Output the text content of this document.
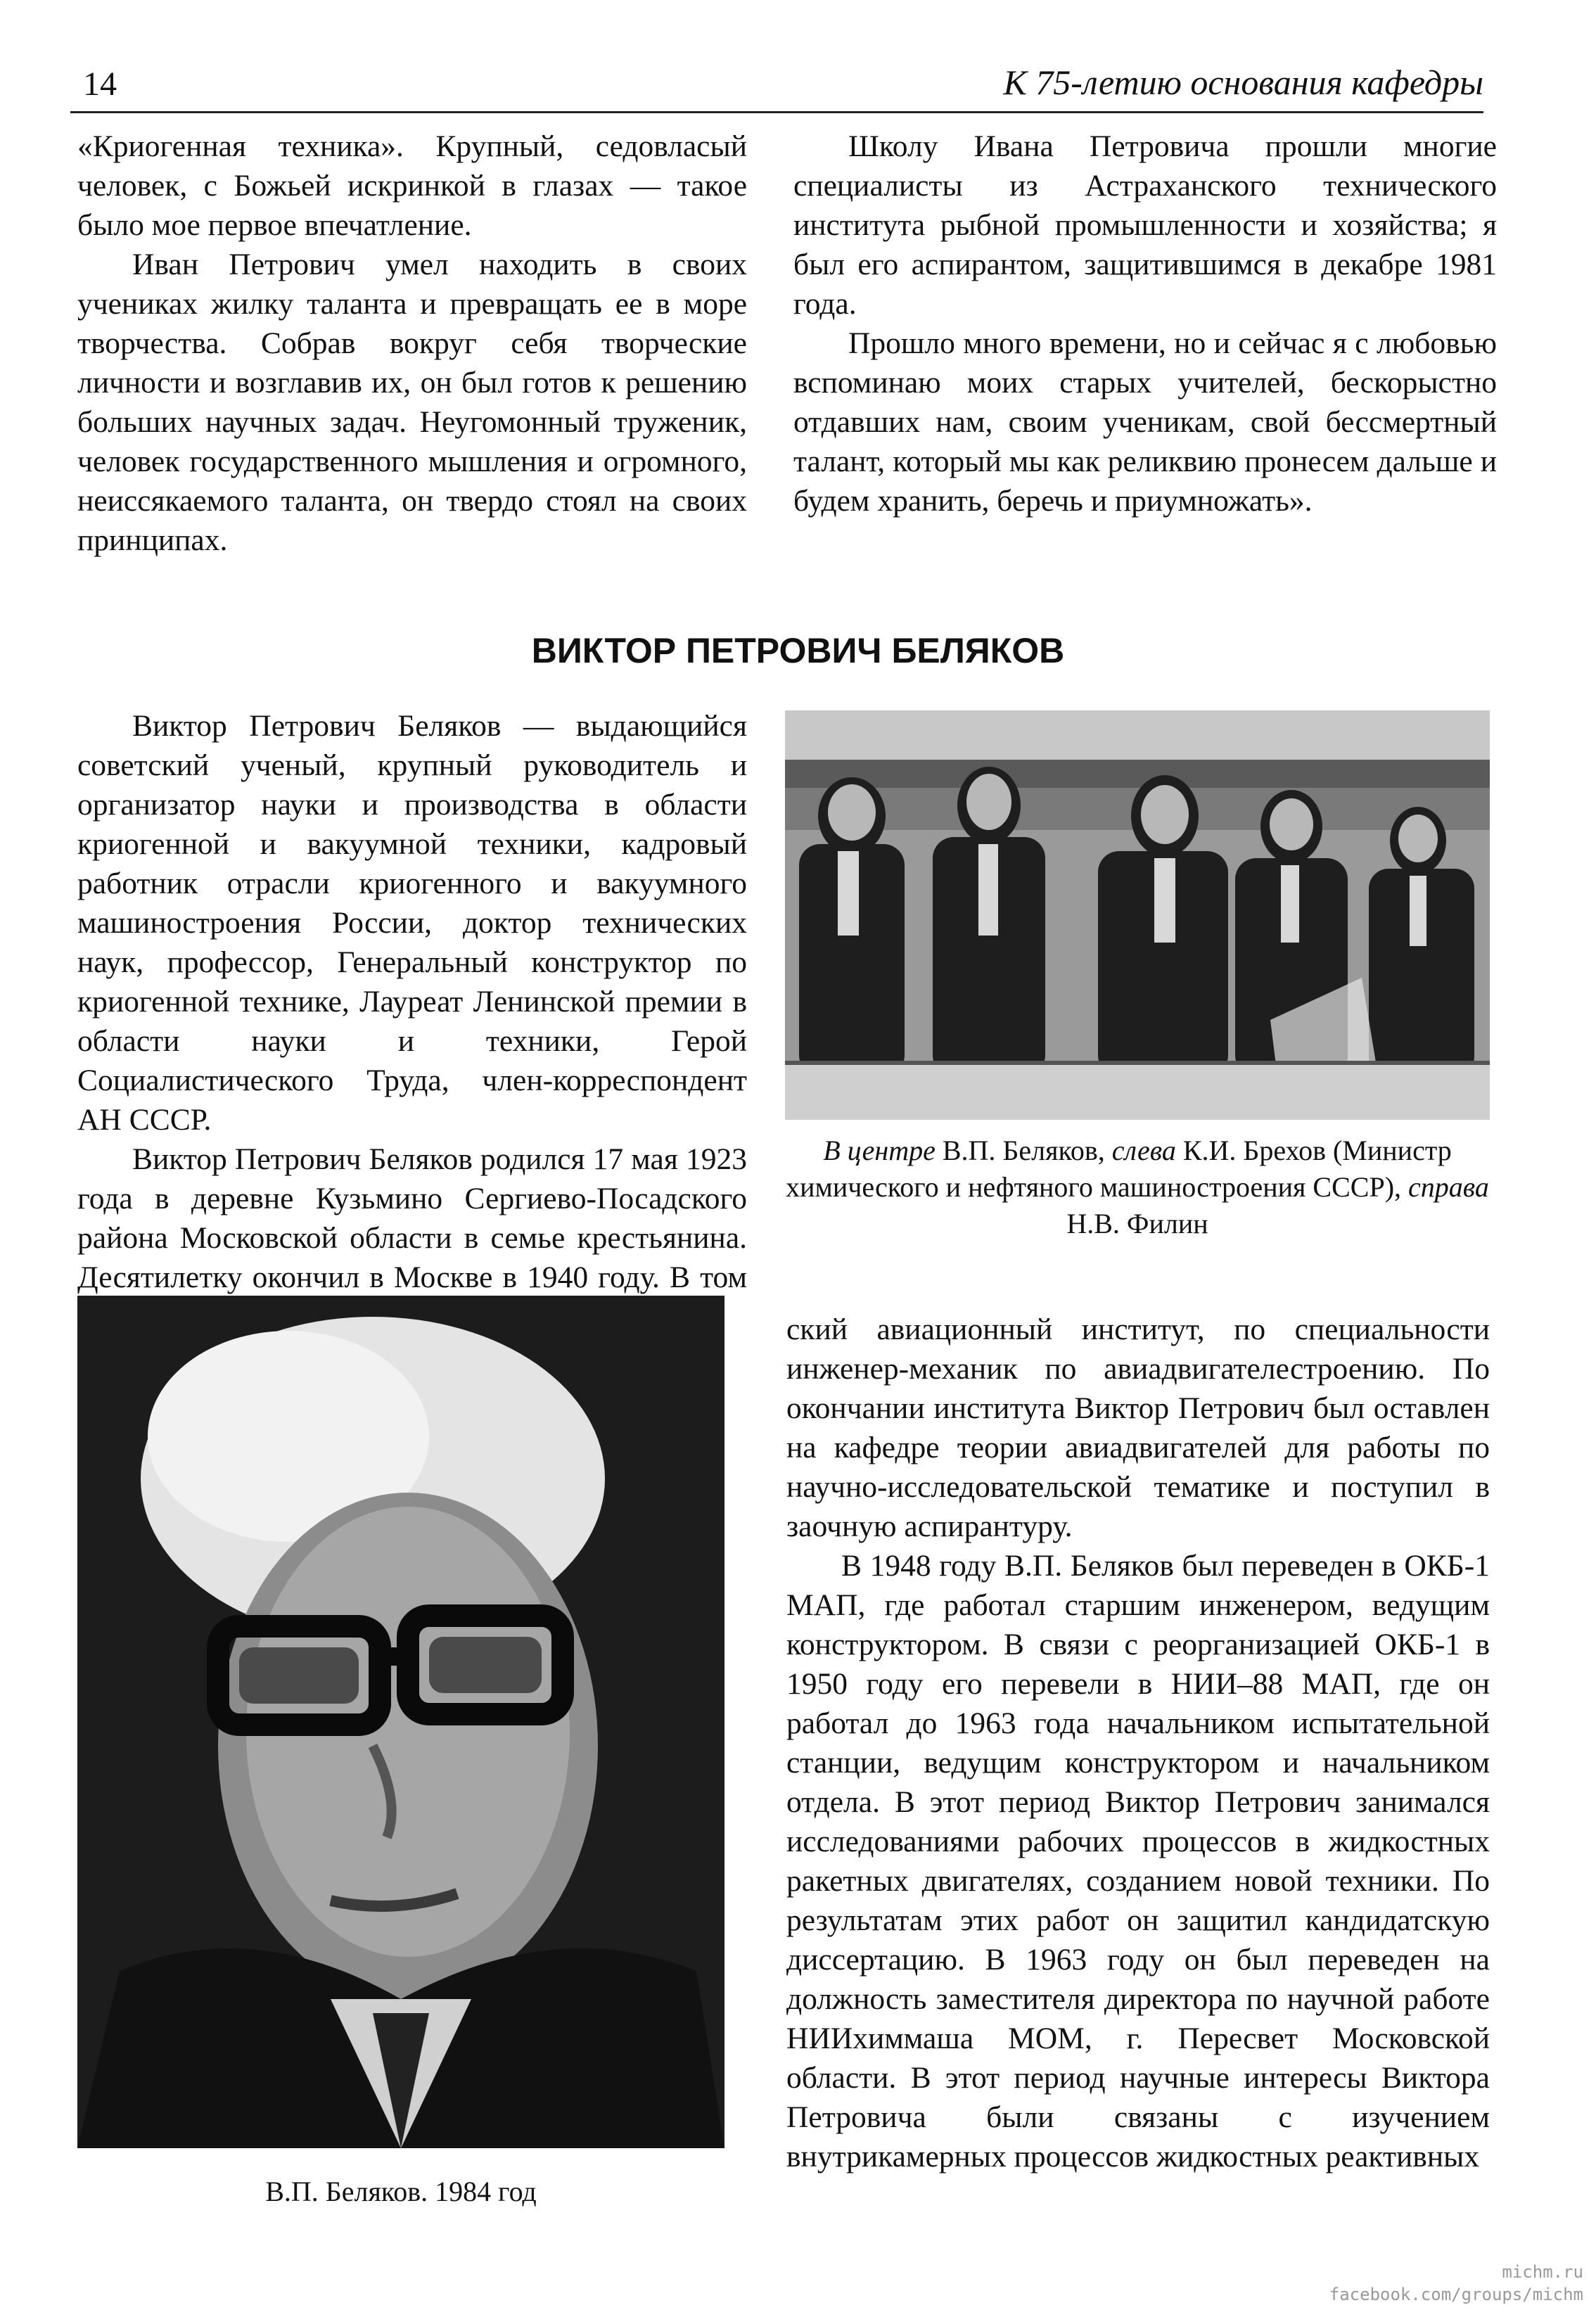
14	К 75-летию основания кафедры

«Криогенная техника». Крупный, седовласый человек, с Божьей искринкой в глазах — такое было мое первое впечатление.

Иван Петрович умел находить в своих учениках жилку таланта и превращать ее в море творчества. Собрав вокруг себя творческие личности и возглавив их, он был готов к решению больших научных задач. Неугомонный труженик, человек государственного мышления и огромного, неиссякаемого таланта, он твердо стоял на своих принципах.

Школу Ивана Петровича прошли многие специалисты из Астраханского технического института рыбной промышленности и хозяйства; я был его аспирантом, защитившимся в декабре 1981 года.

Прошло много времени, но и сейчас я с любовью вспоминаю моих старых учителей, бескорыстно отдавших нам, своим ученикам, свой бессмертный талант, который мы как реликвию пронесем дальше и будем хранить, беречь и приумножать».

ВИКТОР ПЕТРОВИЧ БЕЛЯКОВ

Виктор Петрович Беляков — выдающийся советский ученый, крупный руководитель и организатор науки и производства в области криогенной и вакуумной техники, кадровый работник отрасли криогенного и вакуумного машиностроения России, доктор технических наук, профессор, Генеральный конструктор по криогенной технике, Лауреат Ленинской премии в области науки и техники, Герой Социалистического Труда, член-корреспондент АН СССР.

Виктор Петрович Беляков родился 17 мая 1923 года в деревне Кузьмино Сергиево-Посадского района Московской области в семье крестьянина. Десятилетку окончил в Москве в 1940 году. В том

В центре В.П. Беляков, слева К.И. Брехов (Министр химического и нефтяного машиностроения СССР), справа Н.В. Филин
В.П. Беляков. 1984 год

ский авиационный институт, по специальности инженер-механик по авиадвигателестроению. По окончании института Виктор Петрович был оставлен на кафедре теории авиадвигателей для работы по научно-исследовательской тематике и поступил в заочную аспирантуру.

В 1948 году В.П. Беляков был переведен в ОКБ-1 МАП, где работал старшим инженером, ведущим конструктором. В связи с реорганизацией ОКБ-1 в 1950 году его перевели в НИИ–88 МАП, где он работал до 1963 года начальником испытательной станции, ведущим конструктором и начальником отдела. В этот период Виктор Петрович занимался исследованиями рабочих процессов в жидкостных ракетных двигателях, созданием новой техники. По результатам этих работ он защитил кандидатскую диссертацию. В 1963 году он был переведен на должность заместителя директора по научной работе НИИхиммаша МОМ, г. Пересвет Московской области. В этот период научные интересы Виктора Петровича были связаны с изучением внутрикамерных процессов жидкостных реактивных

michm.ru
facebook.com/groups/michm
